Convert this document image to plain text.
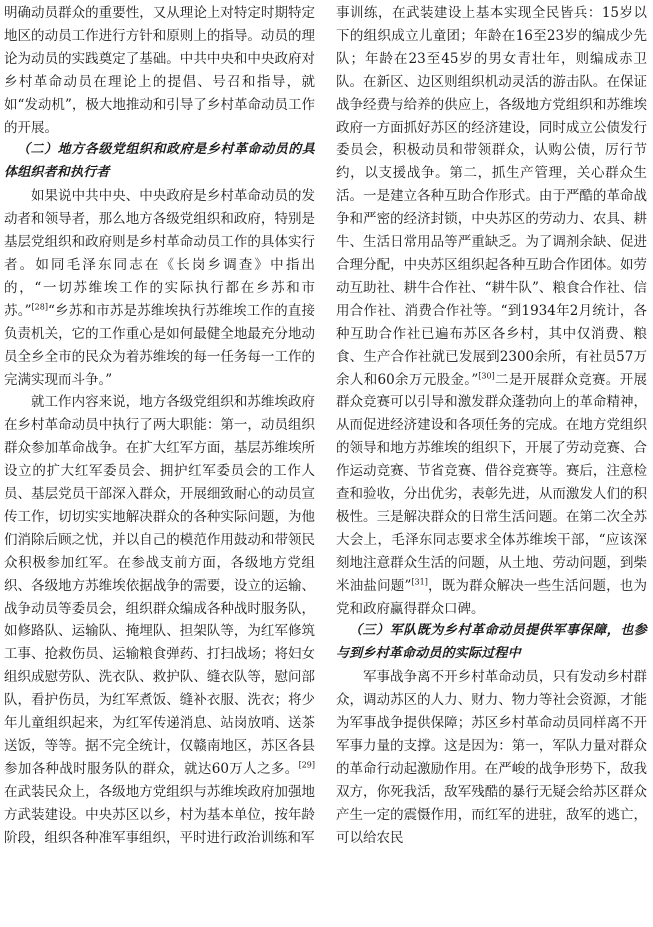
明确动员群众的重要性，又从理论上对特定时期特定地区的动员工作进行方针和原则上的指导。动员的理论为动员的实践奠定了基础。中共中央和中央政府对乡村革命动员在理论上的提倡、号召和指导，就如“发动机”，极大地推动和引导了乡村革命动员工作的开展。

（二）地方各级党组织和政府是乡村革命动员的具体组织者和执行者

如果说中共中央、中央政府是乡村革命动员的发动者和领导者，那么地方各级党组织和政府，特别是基层党组织和政府则是乡村革命动员工作的具体实行者。如同毛泽东同志在《长岗乡调查》中指出的，“一切苏维埃工作的实际执行都在乡苏和市苏。”[28]“乡苏和市苏是苏维埃执行苏维埃工作的直接负责机关，它的工作重心是如何最健全地最充分地动员全乡全市的民众为着苏维埃的每一任务每一工作的完满实现而斗争。”

就工作内容来说，地方各级党组织和苏维埃政府在乡村革命动员中执行了两大职能：第一，动员组织群众参加革命战争。在扩大红军方面，基层苏维埃所设立的扩大红军委员会、拥护红军委员会的工作人员、基层党员干部深入群众，开展细致耐心的动员宣传工作，切切实实地解决群众的各种实际问题，为他们消除后顾之忧，并以自己的模范作用鼓动和带领民众积极参加红军。在参战支前方面，各级地方党组织、各级地方苏维埃依据战争的需要，设立的运输、战争动员等委员会，组织群众编成各种战时服务队，如修路队、运输队、掩埋队、担架队等，为红军修筑工事、抢救伤员、运输粮食弹药、打扫战场；将妇女组织成慰劳队、洗衣队、救护队、缝衣队等，慰问部队，看护伤员，为红军煮饭、缝补衣服、洗衣；将少年儿童组织起来，为红军传递消息、站岗放哨、送茶送饭，等等。据不完全统计，仅赣南地区，苏区各县参加各种战时服务队的群众，就达60万人之多。[29]在武装民众上，各级地方党组织与苏维埃政府加强地方武装建设。中央苏区以乡，村为基本单位，按年龄阶段，组织各种准军事组织，平时进行政治训练和军

事训练，在武装建设上基本实现全民皆兵：15岁以下的组织成立儿童团；年龄在16至23岁的编成少先队；年龄在23至45岁的男女青壮年，则编成赤卫队。在新区、边区则组织机动灵活的游击队。在保证战争经费与给养的供应上，各级地方党组织和苏维埃政府一方面抓好苏区的经济建设，同时成立公债发行委员会，积极动员和带领群众，认购公债，厉行节约，以支援战争。第二，抓生产管理，关心群众生活。一是建立各种互助合作形式。由于严酷的革命战争和严密的经济封锁，中央苏区的劳动力、农具、耕牛、生活日常用品等严重缺乏。为了调剂余缺、促进合理分配，中央苏区组织起各种互助合作团体。如劳动互助社、耕牛合作社、“耕牛队”、粮食合作社、信用合作社、消费合作社等。“到1934年2月统计，各种互助合作社已遍布苏区各乡村，其中仅消费、粮食、生产合作社就已发展到2300余所，有社员57万余人和60余万元股金。”[30]二是开展群众竞赛。开展群众竞赛可以引导和激发群众蓬勃向上的革命精神，从而促进经济建设和各项任务的完成。在地方党组织的领导和地方苏维埃的组织下，开展了劳动竞赛、合作运动竞赛、节省竞赛、借谷竞赛等。赛后，注意检查和验收，分出优劣，表彰先进，从而激发人们的积极性。三是解决群众的日常生活问题。在第二次全苏大会上，毛泽东同志要求全体苏维埃干部，“应该深刻地注意群众生活的问题，从土地、劳动问题，到柴米油盐问题”[31]，既为群众解决一些生活问题，也为党和政府赢得群众口碑。

（三）军队既为乡村革命动员提供军事保障，也参与到乡村革命动员的实际过程中

军事战争离不开乡村革命动员，只有发动乡村群众，调动苏区的人力、财力、物力等社会资源，才能为军事战争提供保障；苏区乡村革命动员同样离不开军事力量的支撑。这是因为：第一，军队力量对群众的革命行动起激励作用。在严峻的战争形势下，敌我双方，你死我活，敌军残酷的暴行无疑会给苏区群众产生一定的震慑作用，而红军的进驻，敌军的逃亡，可以给农民
